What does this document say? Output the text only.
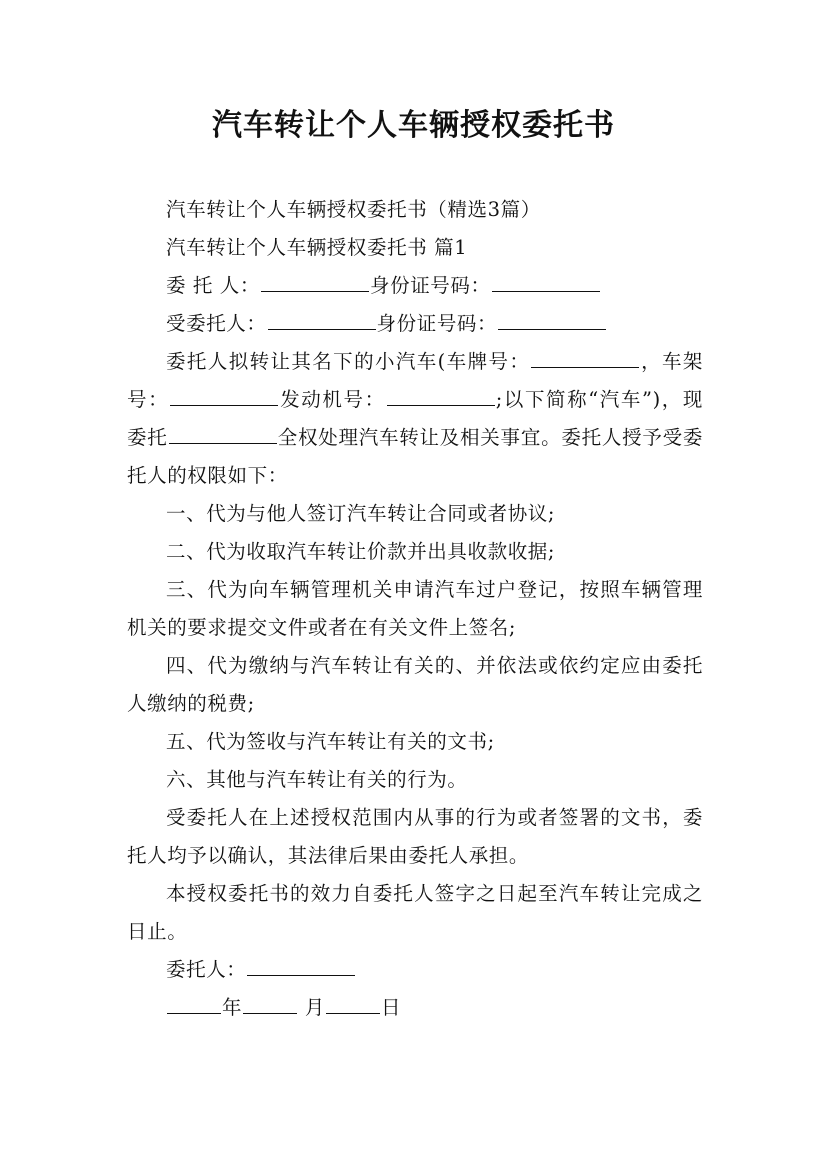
汽车转让个人车辆授权委托书

汽车转让个人车辆授权委托书（精选3篇）

汽车转让个人车辆授权委托书 篇1

委 托 人：	身份证号码：

受委托人：	身份证号码：

委托人拟转让其名下的小汽车(车牌号：	，车架号：	发动机号：	;以下简称“汽车”)，现委托	全权处理汽车转让及相关事宜。委托人授予受委托人的权限如下：

一、代为与他人签订汽车转让合同或者协议;

二、代为收取汽车转让价款并出具收款收据;

三、代为向车辆管理机关申请汽车过户登记，按照车辆管理机关的要求提交文件或者在有关文件上签名;

四、代为缴纳与汽车转让有关的、并依法或依约定应由委托人缴纳的税费;

五、代为签收与汽车转让有关的文书;

六、其他与汽车转让有关的行为。

受委托人在上述授权范围内从事的行为或者签署的文书，委托人均予以确认，其法律后果由委托人承担。

本授权委托书的效力自委托人签字之日起至汽车转让完成之日止。

委托人：

年	月	日
